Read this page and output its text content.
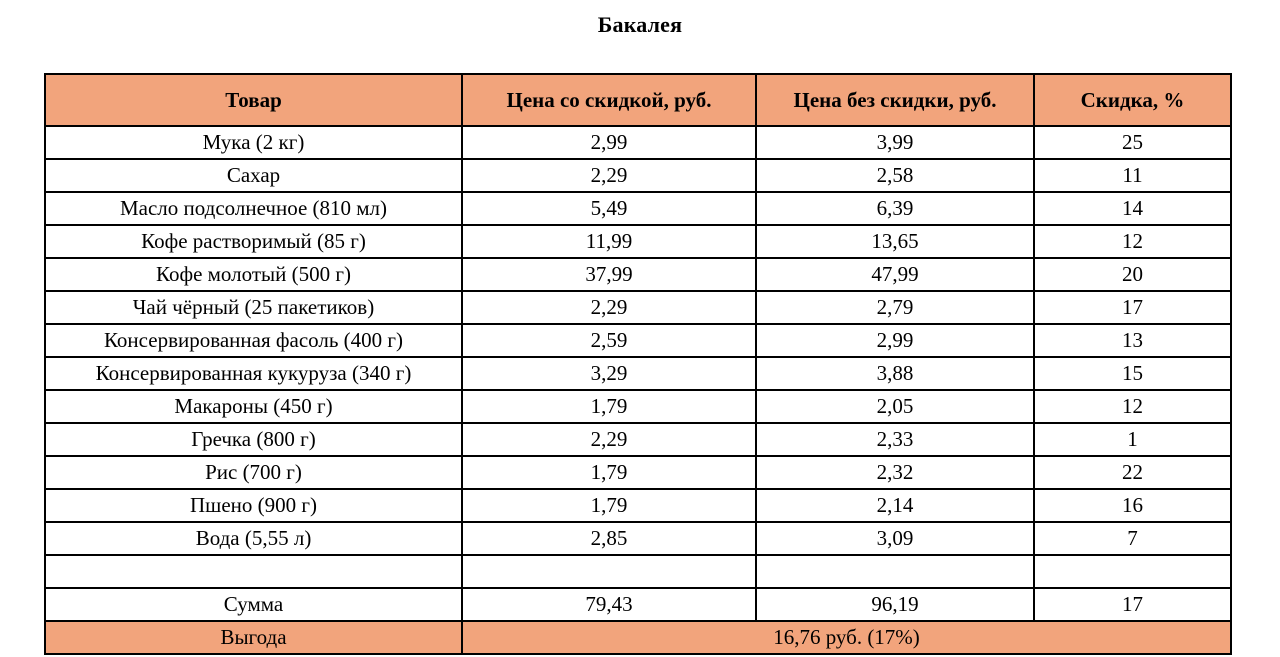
Бакалея
Товар	Цена со скидкой, руб.	Цена без скидки, руб.	Скидка, %
Мука (2 кг)	2,99	3,99	25
Сахар	2,29	2,58	11
Масло подсолнечное (810 мл)	5,49	6,39	14
Кофе растворимый (85 г)	11,99	13,65	12
Кофе молотый (500 г)	37,99	47,99	20
Чай чёрный (25 пакетиков)	2,29	2,79	17
Консервированная фасоль (400 г)	2,59	2,99	13
Консервированная кукуруза (340 г)	3,29	3,88	15
Макароны (450 г)	1,79	2,05	12
Гречка (800 г)	2,29	2,33	1
Рис (700 г)	1,79	2,32	22
Пшено (900 г)	1,79	2,14	16
Вода (5,55 л)	2,85	3,09	7

Сумма	79,43	96,19	17
Выгода	16,76 руб. (17%)		
